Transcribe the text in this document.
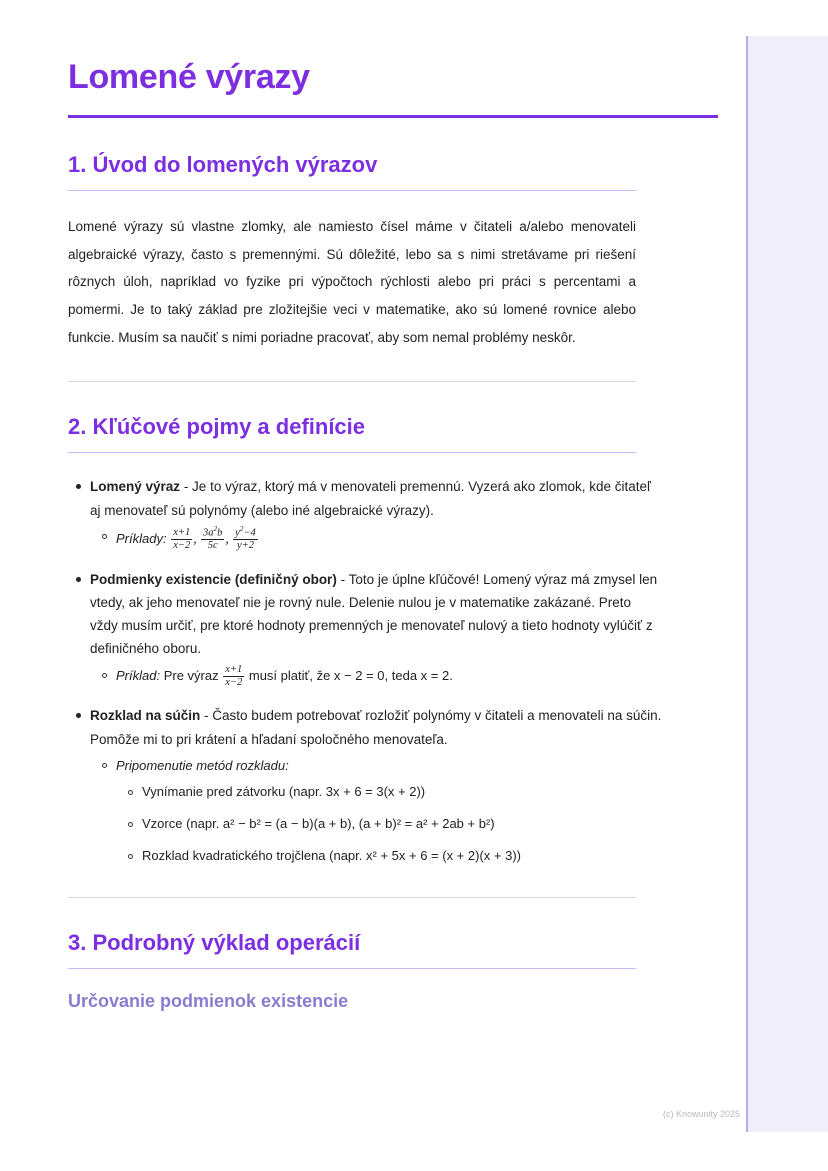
Lomené výrazy
1. Úvod do lomených výrazov

Lomené výrazy sú vlastne zlomky, ale namiesto čísel máme v čitateli a/alebo menovateli algebraické výrazy, často s premennými. Sú dôležité, lebo sa s nimi stretávame pri riešení rôznych úloh, napríklad vo fyzike pri výpočtoch rýchlosti alebo pri práci s percentami a pomermi. Je to taký základ pre zložitejšie veci v matematike, ako sú lomené rovnice alebo funkcie. Musím sa naučiť s nimi poriadne pracovať, aby som nemal problémy neskôr.

2. Kľúčové pojmy a definície
Lomený výraz - Je to výraz, ktorý má v menovateli premennú. Vyzerá ako zlomok, kde čitateľ aj menovateľ sú polynómy (alebo iné algebraické výrazy).
Príklady: $\frac{x+1}{x-2}$ , $\frac{3a^2b}{5c}$ , $\frac{y^2-4}{y+2}$
Podmienky existencie (definičný obor) - Toto je úplne kľúčové! Lomený výraz má zmysel len vtedy, ak jeho menovateľ nie je rovný nule. Delenie nulou je v matematike zakázané. Preto vždy musím určiť, pre ktoré hodnoty premenných je menovateľ nulový a tieto hodnoty vylúčiť z definičného oboru.
Príklad: Pre výraz $\frac{x+1}{x-2}$ musí platiť, že x − 2 = 0, teda x = 2.
Rozklad na súčin - Často budem potrebovať rozložiť polynómy v čitateli a menovateli na súčin. Pomôže mi to pri krátení a hľadaní spoločného menovateľa.
Pripomenutie metód rozkladu:
Vynímanie pred zátvorku (napr. 3x + 6 = 3(x + 2))
Vzorce (napr. a² − b² = (a − b)(a + b), (a + b)² = a² + 2ab + b²)
Rozklad kvadratického trojčlena (napr. x² + 5x + 6 = (x + 2)(x + 3))
3. Podrobný výklad operácií
Určovanie podmienok existencie
(c) Knowunity 2025
